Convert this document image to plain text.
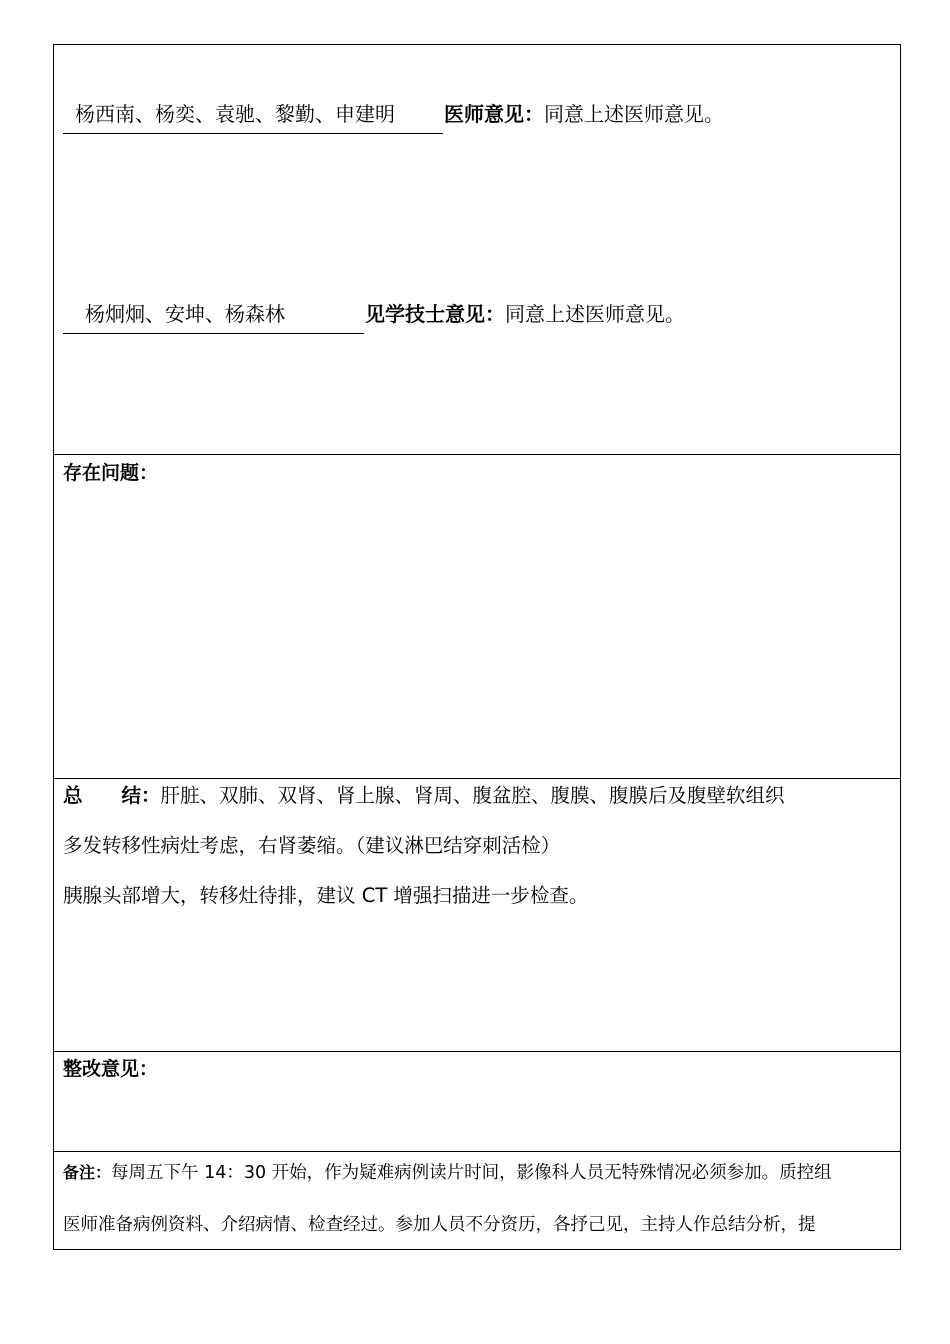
杨西南、杨奕、袁驰、黎勤、申建明	医师意见：同意上述医师意见。
杨炯炯、安坤、杨森林	见学技士意见：同意上述医师意见。
存在问题：
总　　结：肝脏、双肺、双肾、肾上腺、肾周、腹盆腔、腹膜、腹膜后及腹壁软组织
多发转移性病灶考虑，右肾萎缩。（建议淋巴结穿刺活检）
胰腺头部增大，转移灶待排，建议 CT 增强扫描进一步检查。
整改意见：
备注：每周五下午 14：30 开始，作为疑难病例读片时间，影像科人员无特殊情况必须参加。质控组
医师准备病例资料、介绍病情、检查经过。参加人员不分资历，各抒己见，主持人作总结分析，提
